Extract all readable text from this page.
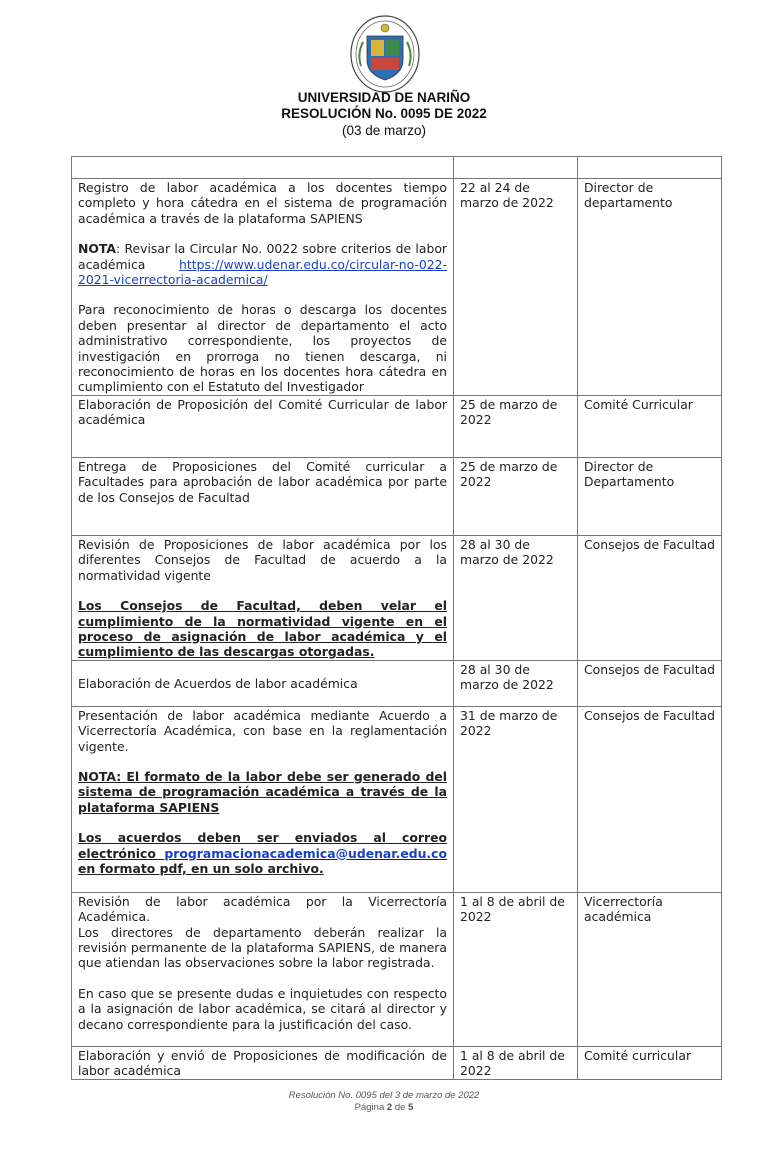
UNIVERSIDAD DE NARIÑO
RESOLUCIÓN No. 0095 DE 2022
(03 de marzo)

Registro de labor académica a los docentes tiempo completo y hora cátedra en el sistema de programación académica a través de la plataforma SAPIENS

NOTA: Revisar la Circular No. 0022 sobre criterios de labor académica https://www.udenar.edu.co/circular-no-022-2021-vicerrectoria-academica/

Para reconocimiento de horas o descarga los docentes deben presentar al director de departamento el acto administrativo correspondiente, los proyectos de investigación en prorroga no tienen descarga, ni reconocimiento de horas en los docentes hora cátedra en cumplimiento con el Estatuto del Investigador	22 al 24 de marzo de 2022	Director de departamento
Elaboración de Proposición del Comité Curricular de labor académica	25 de marzo de 2022	Comité Curricular
Entrega de Proposiciones del Comité curricular a Facultades para aprobación de labor académica por parte de los Consejos de Facultad	25 de marzo de 2022	Director de Departamento

Revisión de Proposiciones de labor académica por los diferentes Consejos de Facultad de acuerdo a la normatividad vigente

Los Consejos de Facultad, deben velar el cumplimiento de la normatividad vigente en el proceso de asignación de labor académica y el cumplimiento de las descargas otorgadas.	28 al 30 de marzo de 2022	Consejos de Facultad
Elaboración de Acuerdos de labor académica	28 al 30 de marzo de 2022	Consejos de Facultad

Presentación de labor académica mediante Acuerdo a Vicerrectoría Académica, con base en la reglamentación vigente.

NOTA: El formato de la labor debe ser generado del sistema de programación académica a través de la plataforma SAPIENS

Los acuerdos deben ser enviados al correo electrónico programacionacademica@udenar.edu.co en formato pdf, en un solo archivo.	31 de marzo de 2022	Consejos de Facultad

Revisión de labor académica por la Vicerrectoría Académica.

Los directores de departamento deberán realizar la revisión permanente de la plataforma SAPIENS, de manera que atiendan las observaciones sobre la labor registrada.

En caso que se presente dudas e inquietudes con respecto a la asignación de labor académica, se citará al director y decano correspondiente para la justificación del caso.	1 al 8 de abril de 2022	Vicerrectoría académica
Elaboración y envió de Proposiciones de modificación de labor académica	1 al 8 de abril de 2022	Comité curricular
Resolución No. 0095 del 3 de marzo de 2022
Página 2 de 5
